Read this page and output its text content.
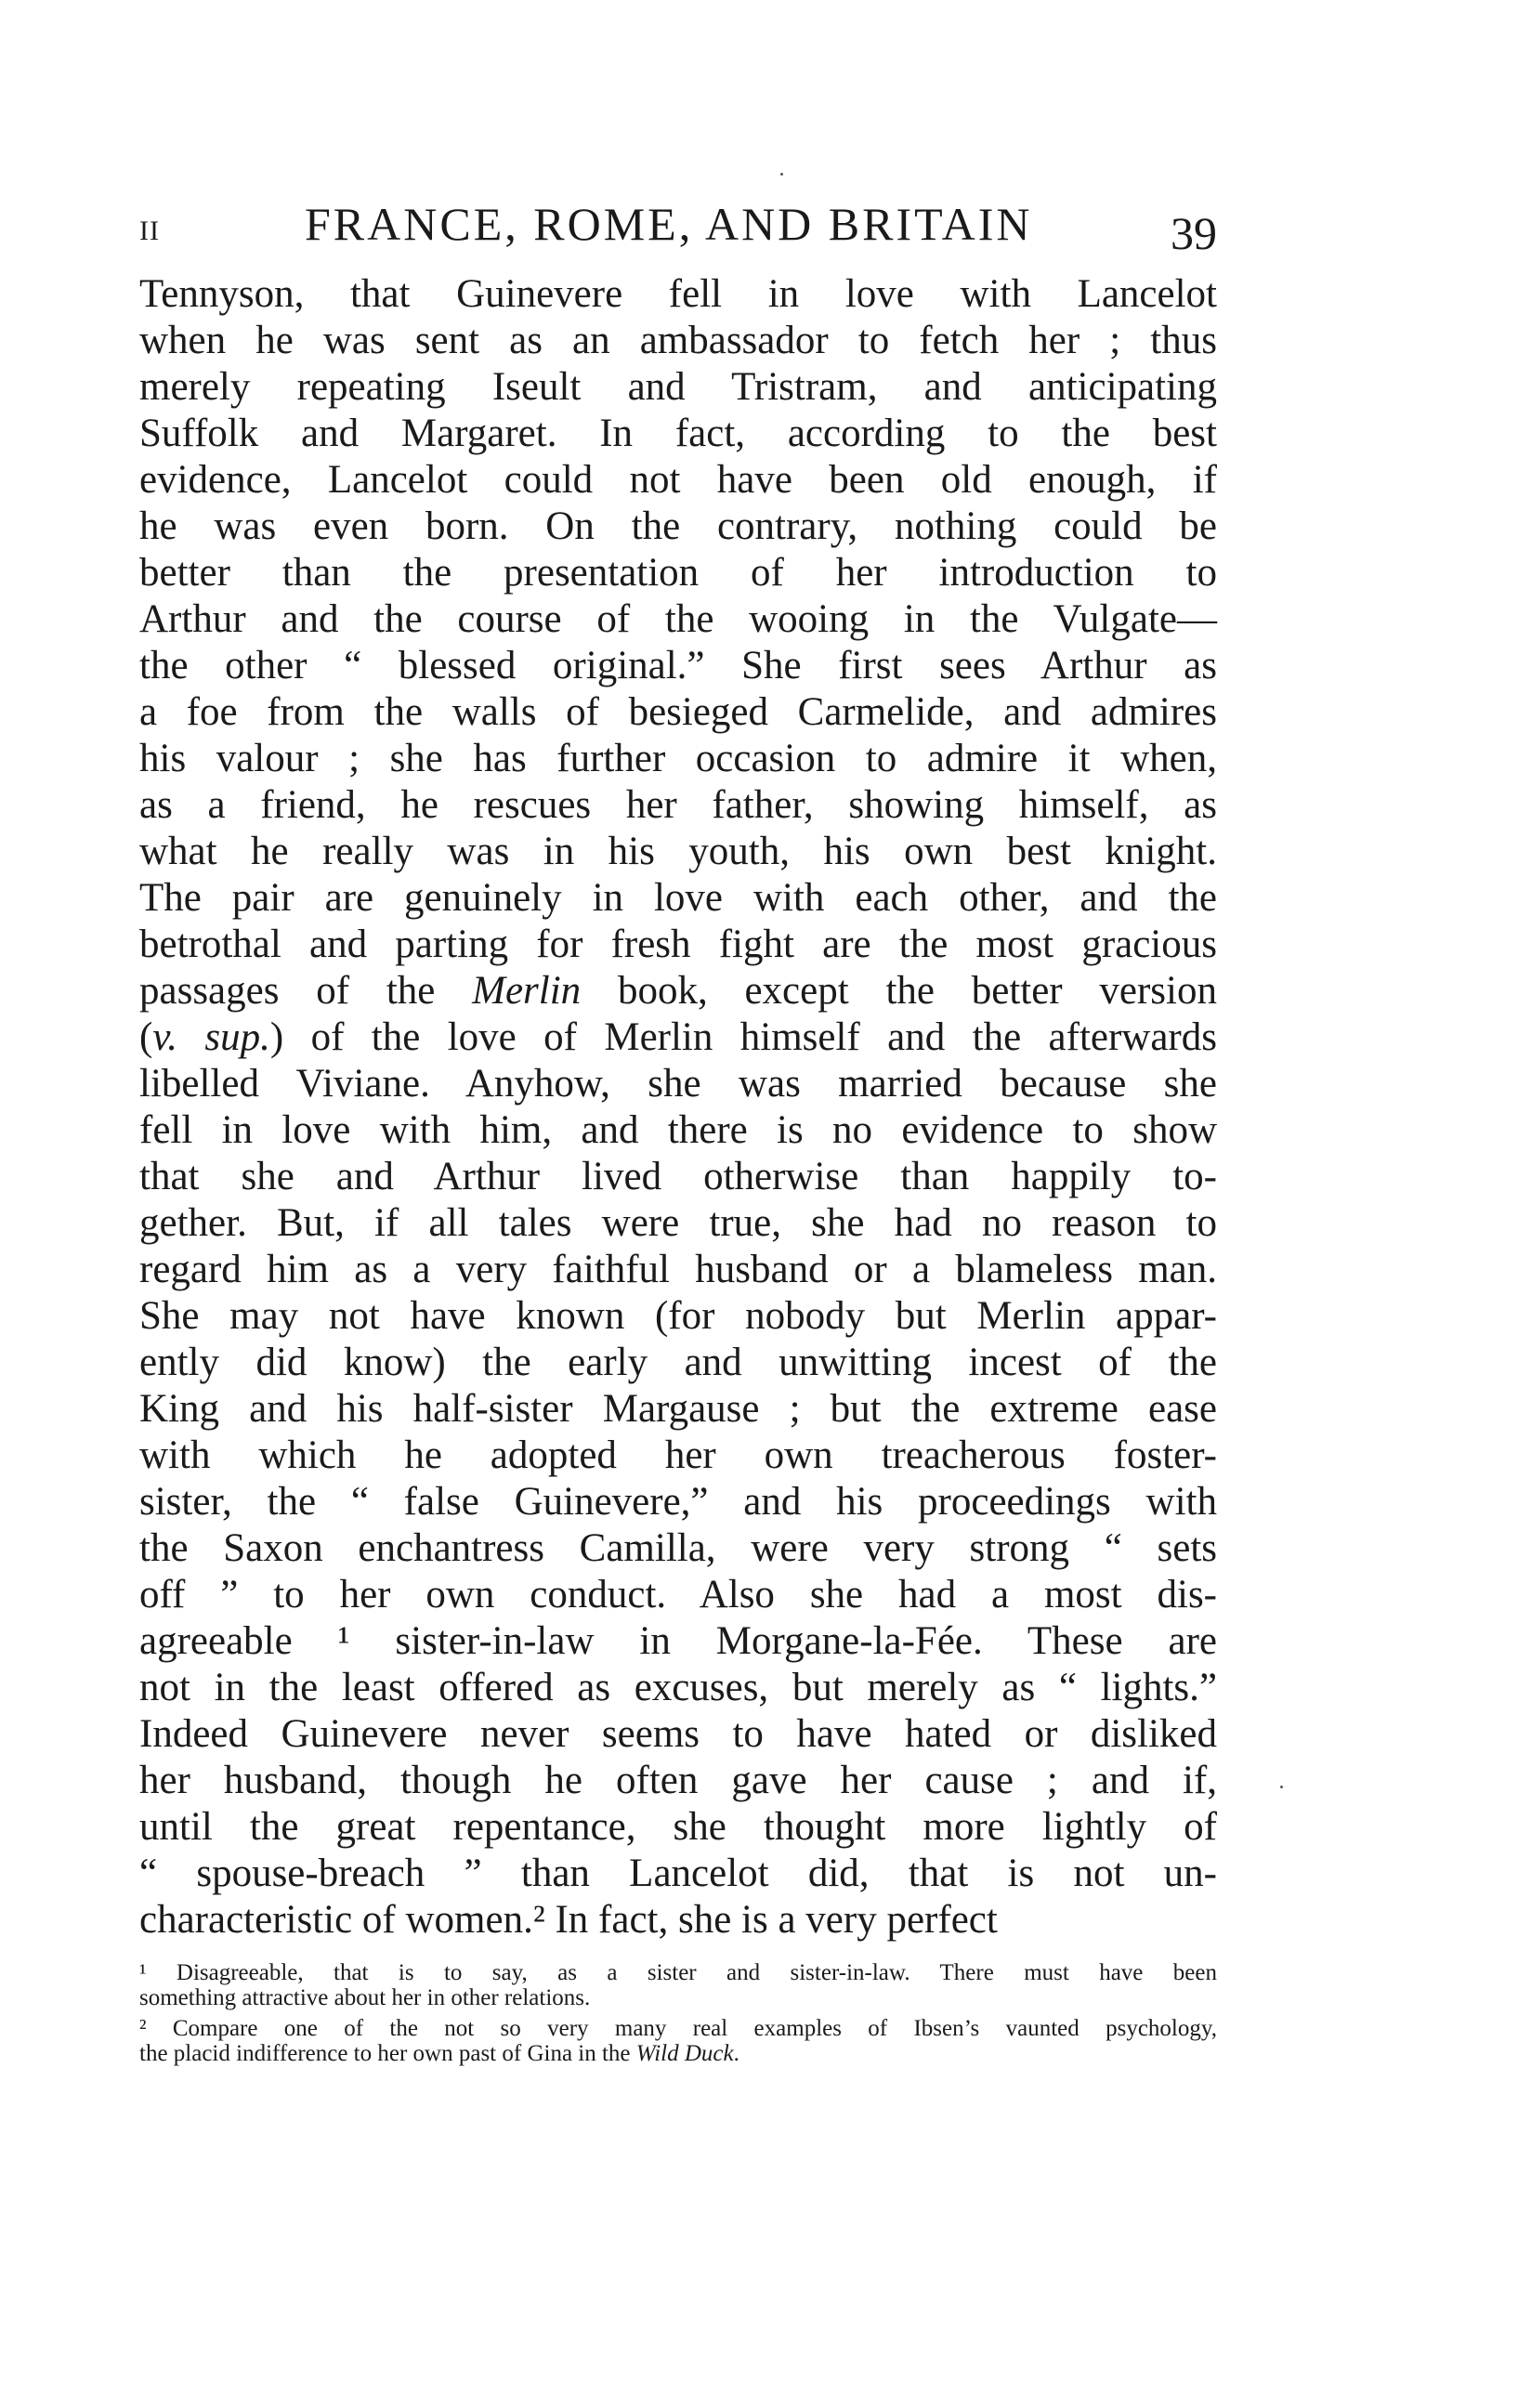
II	FRANCE, ROME, AND BRITAIN	39
Tennyson, that Guinevere fell in love with Lancelot
when he was sent as an ambassador to fetch her ; thus
merely repeating Iseult and Tristram, and anticipating
Suffolk and Margaret. In fact, according to the best
evidence, Lancelot could not have been old enough, if
he was even born. On the contrary, nothing could be
better than the presentation of her introduction to
Arthur and the course of the wooing in the Vulgate—
the other “ blessed original.” She first sees Arthur as
a foe from the walls of besieged Carmelide, and admires
his valour ; she has further occasion to admire it when,
as a friend, he rescues her father, showing himself, as
what he really was in his youth, his own best knight.
The pair are genuinely in love with each other, and the
betrothal and parting for fresh fight are the most gracious
passages of the Merlin book, except the better version
(v. sup.) of the love of Merlin himself and the afterwards
libelled Viviane. Anyhow, she was married because she
fell in love with him, and there is no evidence to show
that she and Arthur lived otherwise than happily to-
gether. But, if all tales were true, she had no reason to
regard him as a very faithful husband or a blameless man.
She may not have known (for nobody but Merlin appar-
ently did know) the early and unwitting incest of the
King and his half-sister Margause ; but the extreme ease
with which he adopted her own treacherous foster-
sister, the “ false Guinevere,” and his proceedings with
the Saxon enchantress Camilla, were very strong “ sets
off ” to her own conduct. Also she had a most dis-
agreeable ¹ sister-in-law in Morgane-la-Fée. These are
not in the least offered as excuses, but merely as “ lights.”
Indeed Guinevere never seems to have hated or disliked
her husband, though he often gave her cause ; and if,
until the great repentance, she thought more lightly of
“ spouse-breach ” than Lancelot did, that is not un-
characteristic of women.² In fact, she is a very perfect
¹ Disagreeable, that is to say, as a sister and sister-in-law. There must have been
something attractive about her in other relations.
² Compare one of the not so very many real examples of Ibsen’s vaunted psychology,
the placid indifference to her own past of Gina in the Wild Duck.
